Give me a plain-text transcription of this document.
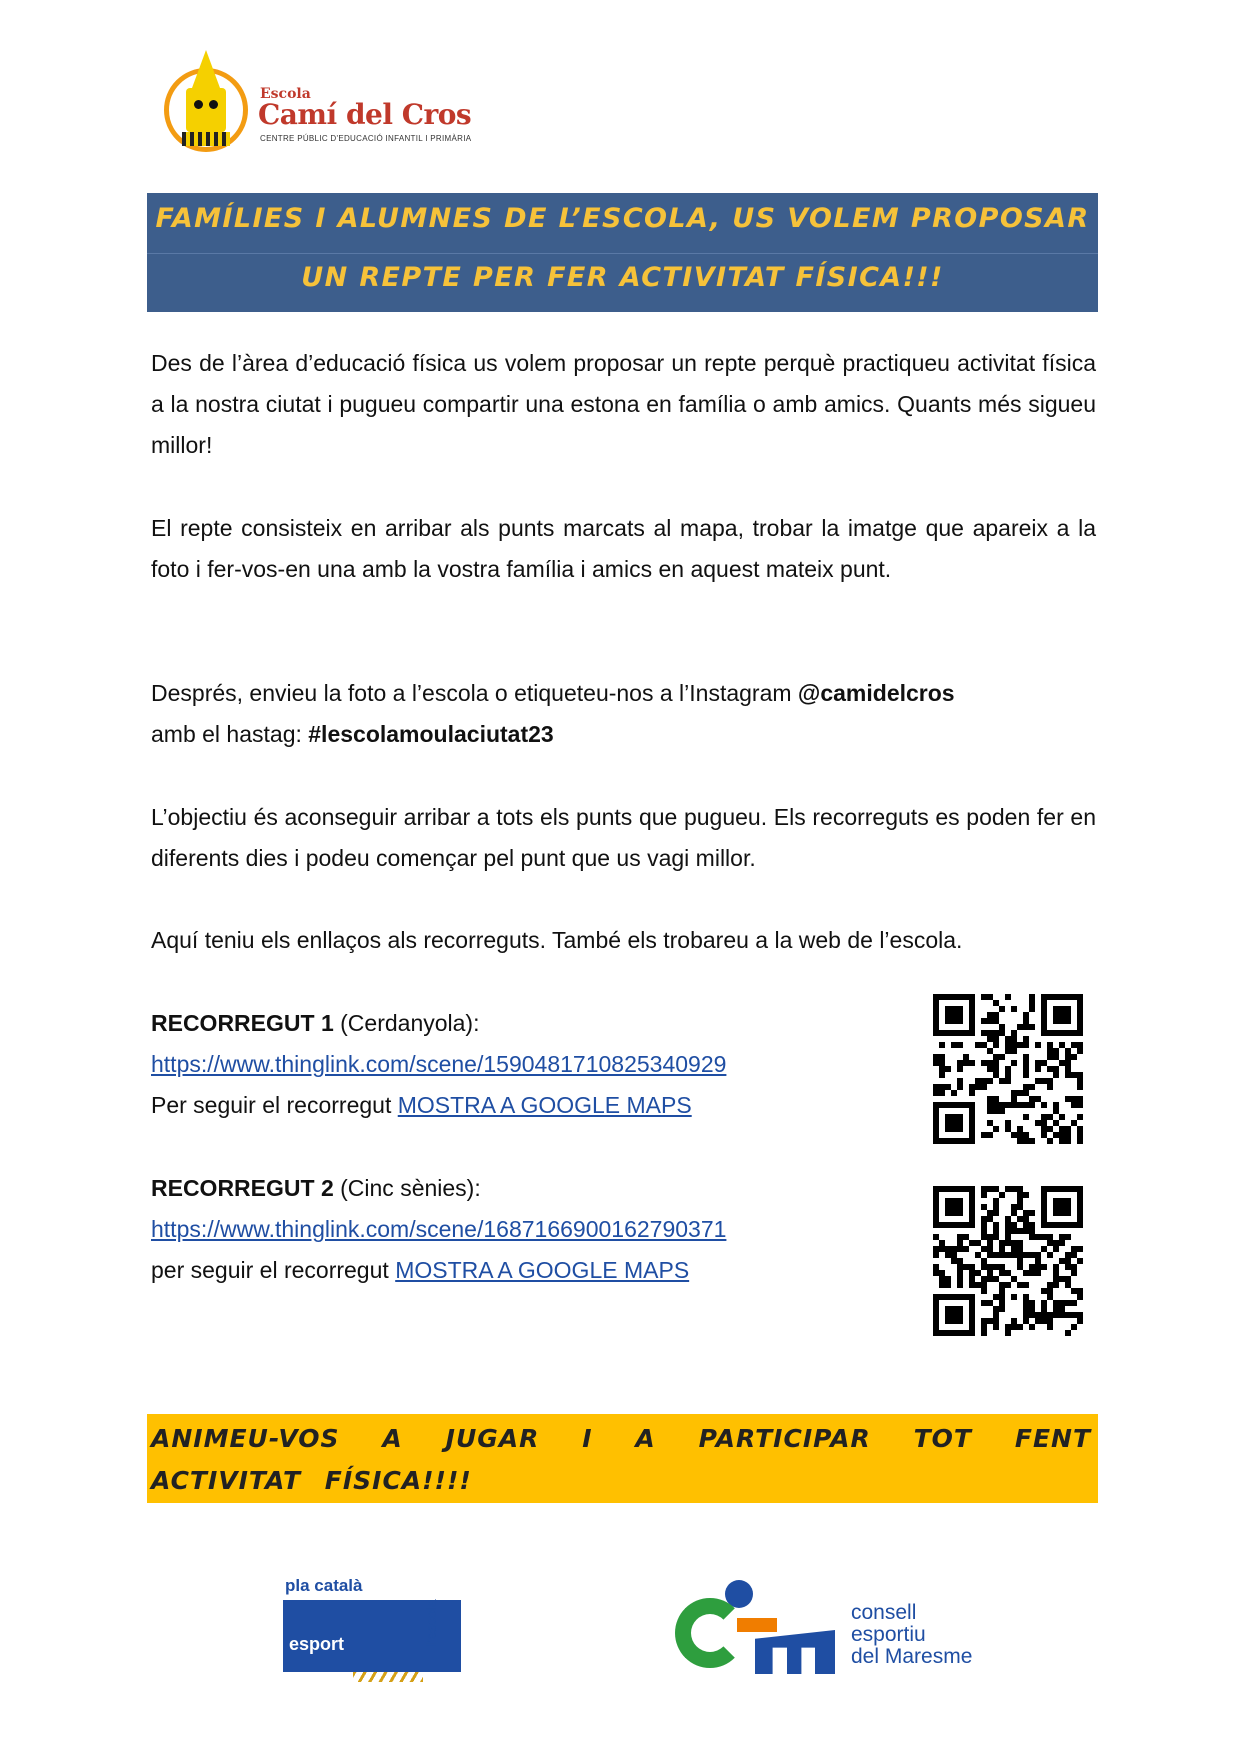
Escola
Camí del Cros
CENTRE PÚBLIC D'EDUCACIÓ INFANTIL I PRIMÀRIA
FAMÍLIES I ALUMNES DE L’ESCOLA, US VOLEM PROPOSAR
UN REPTE PER FER ACTIVITAT FÍSICA!!!
Des de l’àrea d’educació física us volem proposar un repte perquè practiqueu activitat física a la nostra ciutat i pugueu compartir una estona en família o amb amics. Quants més sigueu millor!
El repte consisteix en arribar als punts marcats al mapa, trobar la imatge que apareix a la foto i fer-vos-en una amb la vostra família i amics en aquest mateix punt.
Després, envieu la foto a l’escola o etiqueteu-nos a l’Instagram @camidelcros
amb el hastag: #lescolamoulaciutat23
L’objectiu és aconseguir arribar a tots els punts que pugueu. Els recorreguts es poden fer en diferents dies i podeu començar pel punt que us vagi millor.
Aquí teniu els enllaços als recorreguts. També els trobareu a la web de l’escola.
RECORREGUT 1 (Cerdanyola):
https://www.thinglink.com/scene/1590481710825340929
Per seguir el recorregut MOSTRA A GOOGLE MAPS
RECORREGUT 2 (Cinc sènies):
https://www.thinglink.com/scene/1687166900162790371
per seguir el recorregut MOSTRA A GOOGLE MAPS
ANIMEU-VOS A JUGAR I A PARTICIPAR TOT FENT ACTIVITAT FÍSICA!!!!
pla català
esport	l’escola	consell
esportiu
del Maresme
